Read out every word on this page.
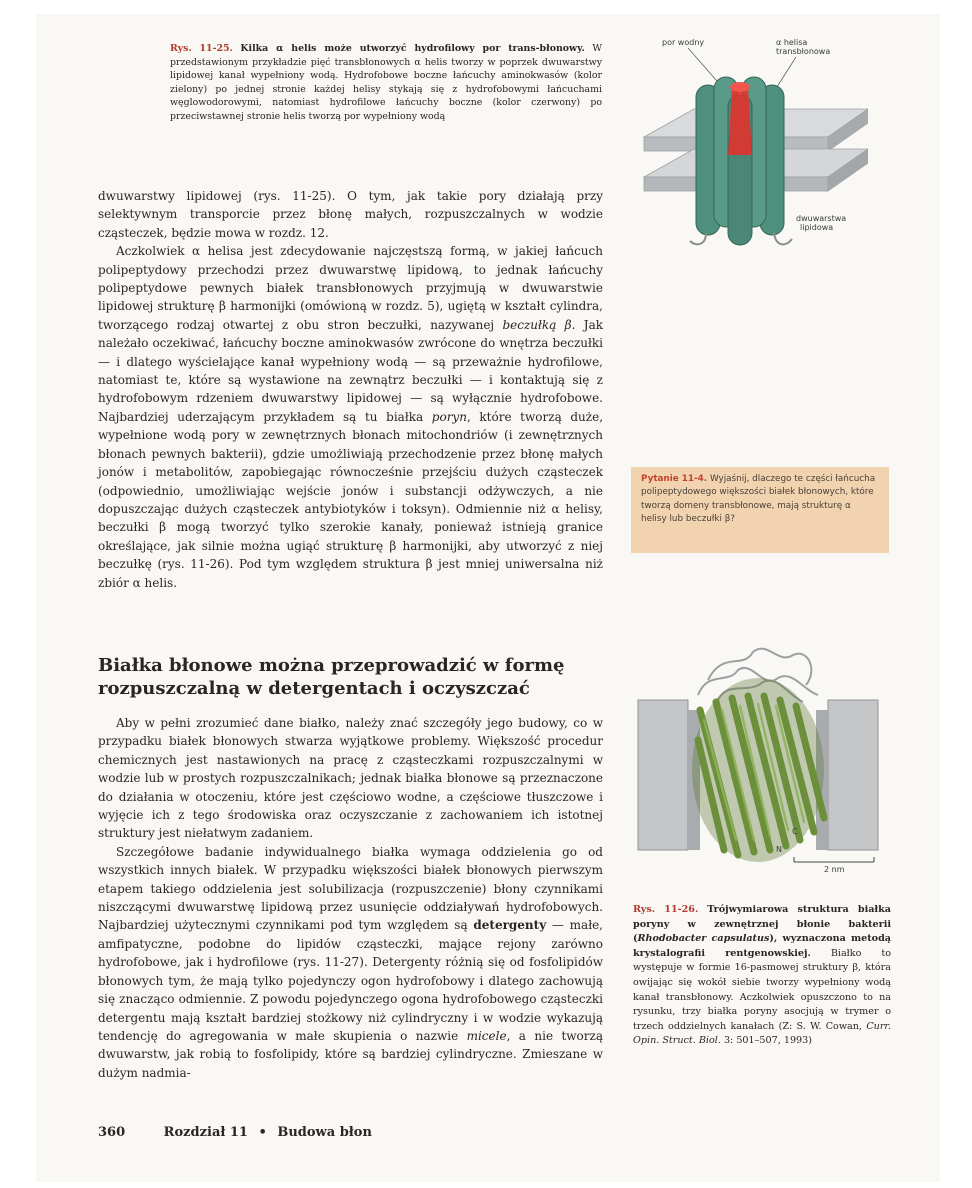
Rys. 11-25. Kilka α helis może utworzyć hydrofilowy por trans-błonowy. W przedstawionym przykładzie pięć transbłonowych α helis tworzy w poprzek dwuwarstwy lipidowej kanał wypełniony wodą. Hydrofobowe boczne łańcuchy aminokwasów (kolor zielony) po jednej stronie każdej helisy stykają się z hydrofobowymi łańcuchami węglowodorowymi, natomiast hydrofilowe łańcuchy boczne (kolor czerwony) po przeciwstawnej stronie helis tworzą por wypełniony wodą
por wodny	α helisa
transbłonowa
dwuwarstwa
lipidowa

dwuwarstwy lipidowej (rys. 11-25). O tym, jak takie pory działają przy selektywnym transporcie przez błonę małych, rozpuszczalnych w wodzie cząsteczek, będzie mowa w rozdz. 12.

Aczkolwiek α helisa jest zdecydowanie najczęstszą formą, w jakiej łańcuch polipeptydowy przechodzi przez dwuwarstwę lipidową, to jednak łańcuchy polipeptydowe pewnych białek transbłonowych przyjmują w dwuwarstwie lipidowej strukturę β harmonijki (omówioną w rozdz. 5), ugiętą w kształt cylindra, tworzącego rodzaj otwartej z obu stron beczułki, nazywanej beczułką β. Jak należało oczekiwać, łańcuchy boczne aminokwasów zwrócone do wnętrza beczułki — i dlatego wyścielające kanał wypełniony wodą — są przeważnie hydrofilowe, natomiast te, które są wystawione na zewnątrz beczułki — i kontaktują się z hydrofobowym rdzeniem dwuwarstwy lipidowej — są wyłącznie hydrofobowe. Najbardziej uderzającym przykładem są tu białka poryn, które tworzą duże, wypełnione wodą pory w zewnętrznych błonach mitochondriów (i zewnętrznych błonach pewnych bakterii), gdzie umożliwiają przechodzenie przez błonę małych jonów i metabolitów, zapobiegając równocześnie przejściu dużych cząsteczek (odpowiednio, umożliwiając wejście jonów i substancji odżywczych, a nie dopuszczając dużych cząsteczek antybiotyków i toksyn). Odmiennie niż α helisy, beczułki β mogą tworzyć tylko szerokie kanały, ponieważ istnieją granice określające, jak silnie można ugiąć strukturę β harmonijki, aby utworzyć z niej beczułkę (rys. 11-26). Pod tym względem struktura β jest mniej uniwersalna niż zbiór α helis.

Pytanie 11-4. Wyjaśnij, dlaczego te części łańcucha polipeptydowego większości białek błonowych, które tworzą domeny transbłonowe, mają strukturę α helisy lub beczułki β?
Białka błonowe można przeprowadzić w formę
rozpuszczalną w detergentach i oczyszczać

Aby w pełni zrozumieć dane białko, należy znać szczegóły jego budowy, co w przypadku białek błonowych stwarza wyjątkowe problemy. Większość procedur chemicznych jest nastawionych na pracę z cząsteczkami rozpuszczalnymi w wodzie lub w prostych rozpuszczalnikach; jednak białka błonowe są przeznaczone do działania w otoczeniu, które jest częściowo wodne, a częściowe tłuszczowe i wyjęcie ich z tego środowiska oraz oczyszczanie z zachowaniem ich istotnej struktury jest niełatwym zadaniem.

Szczegółowe badanie indywidualnego białka wymaga oddzielenia go od wszystkich innych białek. W przypadku większości białek błonowych pierwszym etapem takiego oddzielenia jest solubilizacja (rozpuszczenie) błony czynnikami niszczącymi dwuwarstwę lipidową przez usunięcie oddziaływań hydrofobowych. Najbardziej użytecznymi czynnikami pod tym względem są detergenty — małe, amfipatyczne, podobne do lipidów cząsteczki, mające rejony zarówno hydrofobowe, jak i hydrofilowe (rys. 11-27). Detergenty różnią się od fosfolipidów błonowych tym, że mają tylko pojedynczy ogon hydrofobowy i dlatego zachowują się znacząco odmiennie. Z powodu pojedynczego ogona hydrofobowego cząsteczki detergentu mają kształt bardziej stożkowy niż cylindryczny i w wodzie wykazują tendencję do agregowania w małe skupienia o nazwie micele, a nie tworzą dwuwarstw, jak robią to fosfolipidy, które są bardziej cylindryczne. Zmieszane w dużym nadmia-

C
N
2 nm
Rys. 11-26. Trójwymiarowa struktura białka poryny w zewnętrznej błonie bakterii (Rhodobacter capsulatus), wyznaczona metodą krystalografii rentgenowskiej. Białko to występuje w formie 16-pasmowej struktury β, która owijając się wokół siebie tworzy wypełniony wodą kanał transbłonowy. Aczkolwiek opuszczono to na rysunku, trzy białka poryny asocjują w trymer o trzech oddzielnych kanałach (Z: S. W. Cowan, Curr. Opin. Struct. Biol. 3: 501–507, 1993)
360	Rozdział 11 • Budowa błon
